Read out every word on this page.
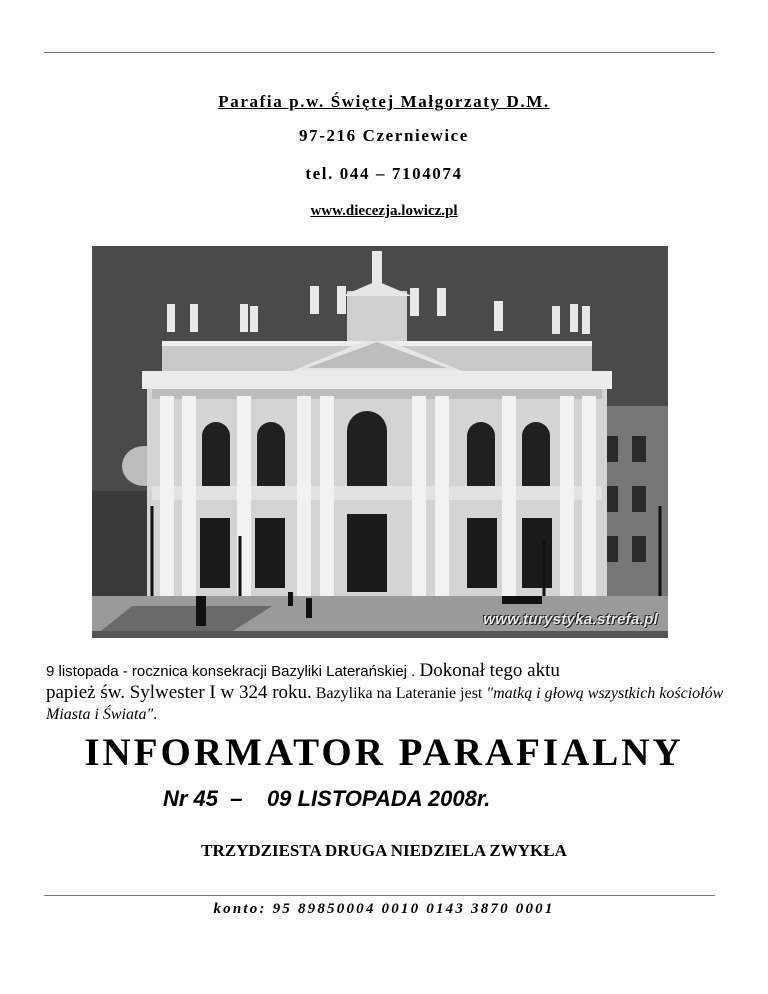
Parafia p.w. Świętej Małgorzaty D.M.
97-216 Czerniewice
tel. 044 – 7104074
www.diecezja.lowicz.pl
www.turystyka.strefa.pl
9 listopada - rocznica konsekracji Bazyliki Laterańskiej . Dokonał tego aktu
papież św. Sylwester I w 324 roku. Bazylika na Lateranie jest "matką i głową wszystkich kościołów Miasta i Świata".
INFORMATOR PARAFIALNY
Nr 45  –    09 LISTOPADA 2008r.
TRZYDZIESTA DRUGA NIEDZIELA ZWYKŁA
konto: 95 89850004 0010 0143 3870 0001
